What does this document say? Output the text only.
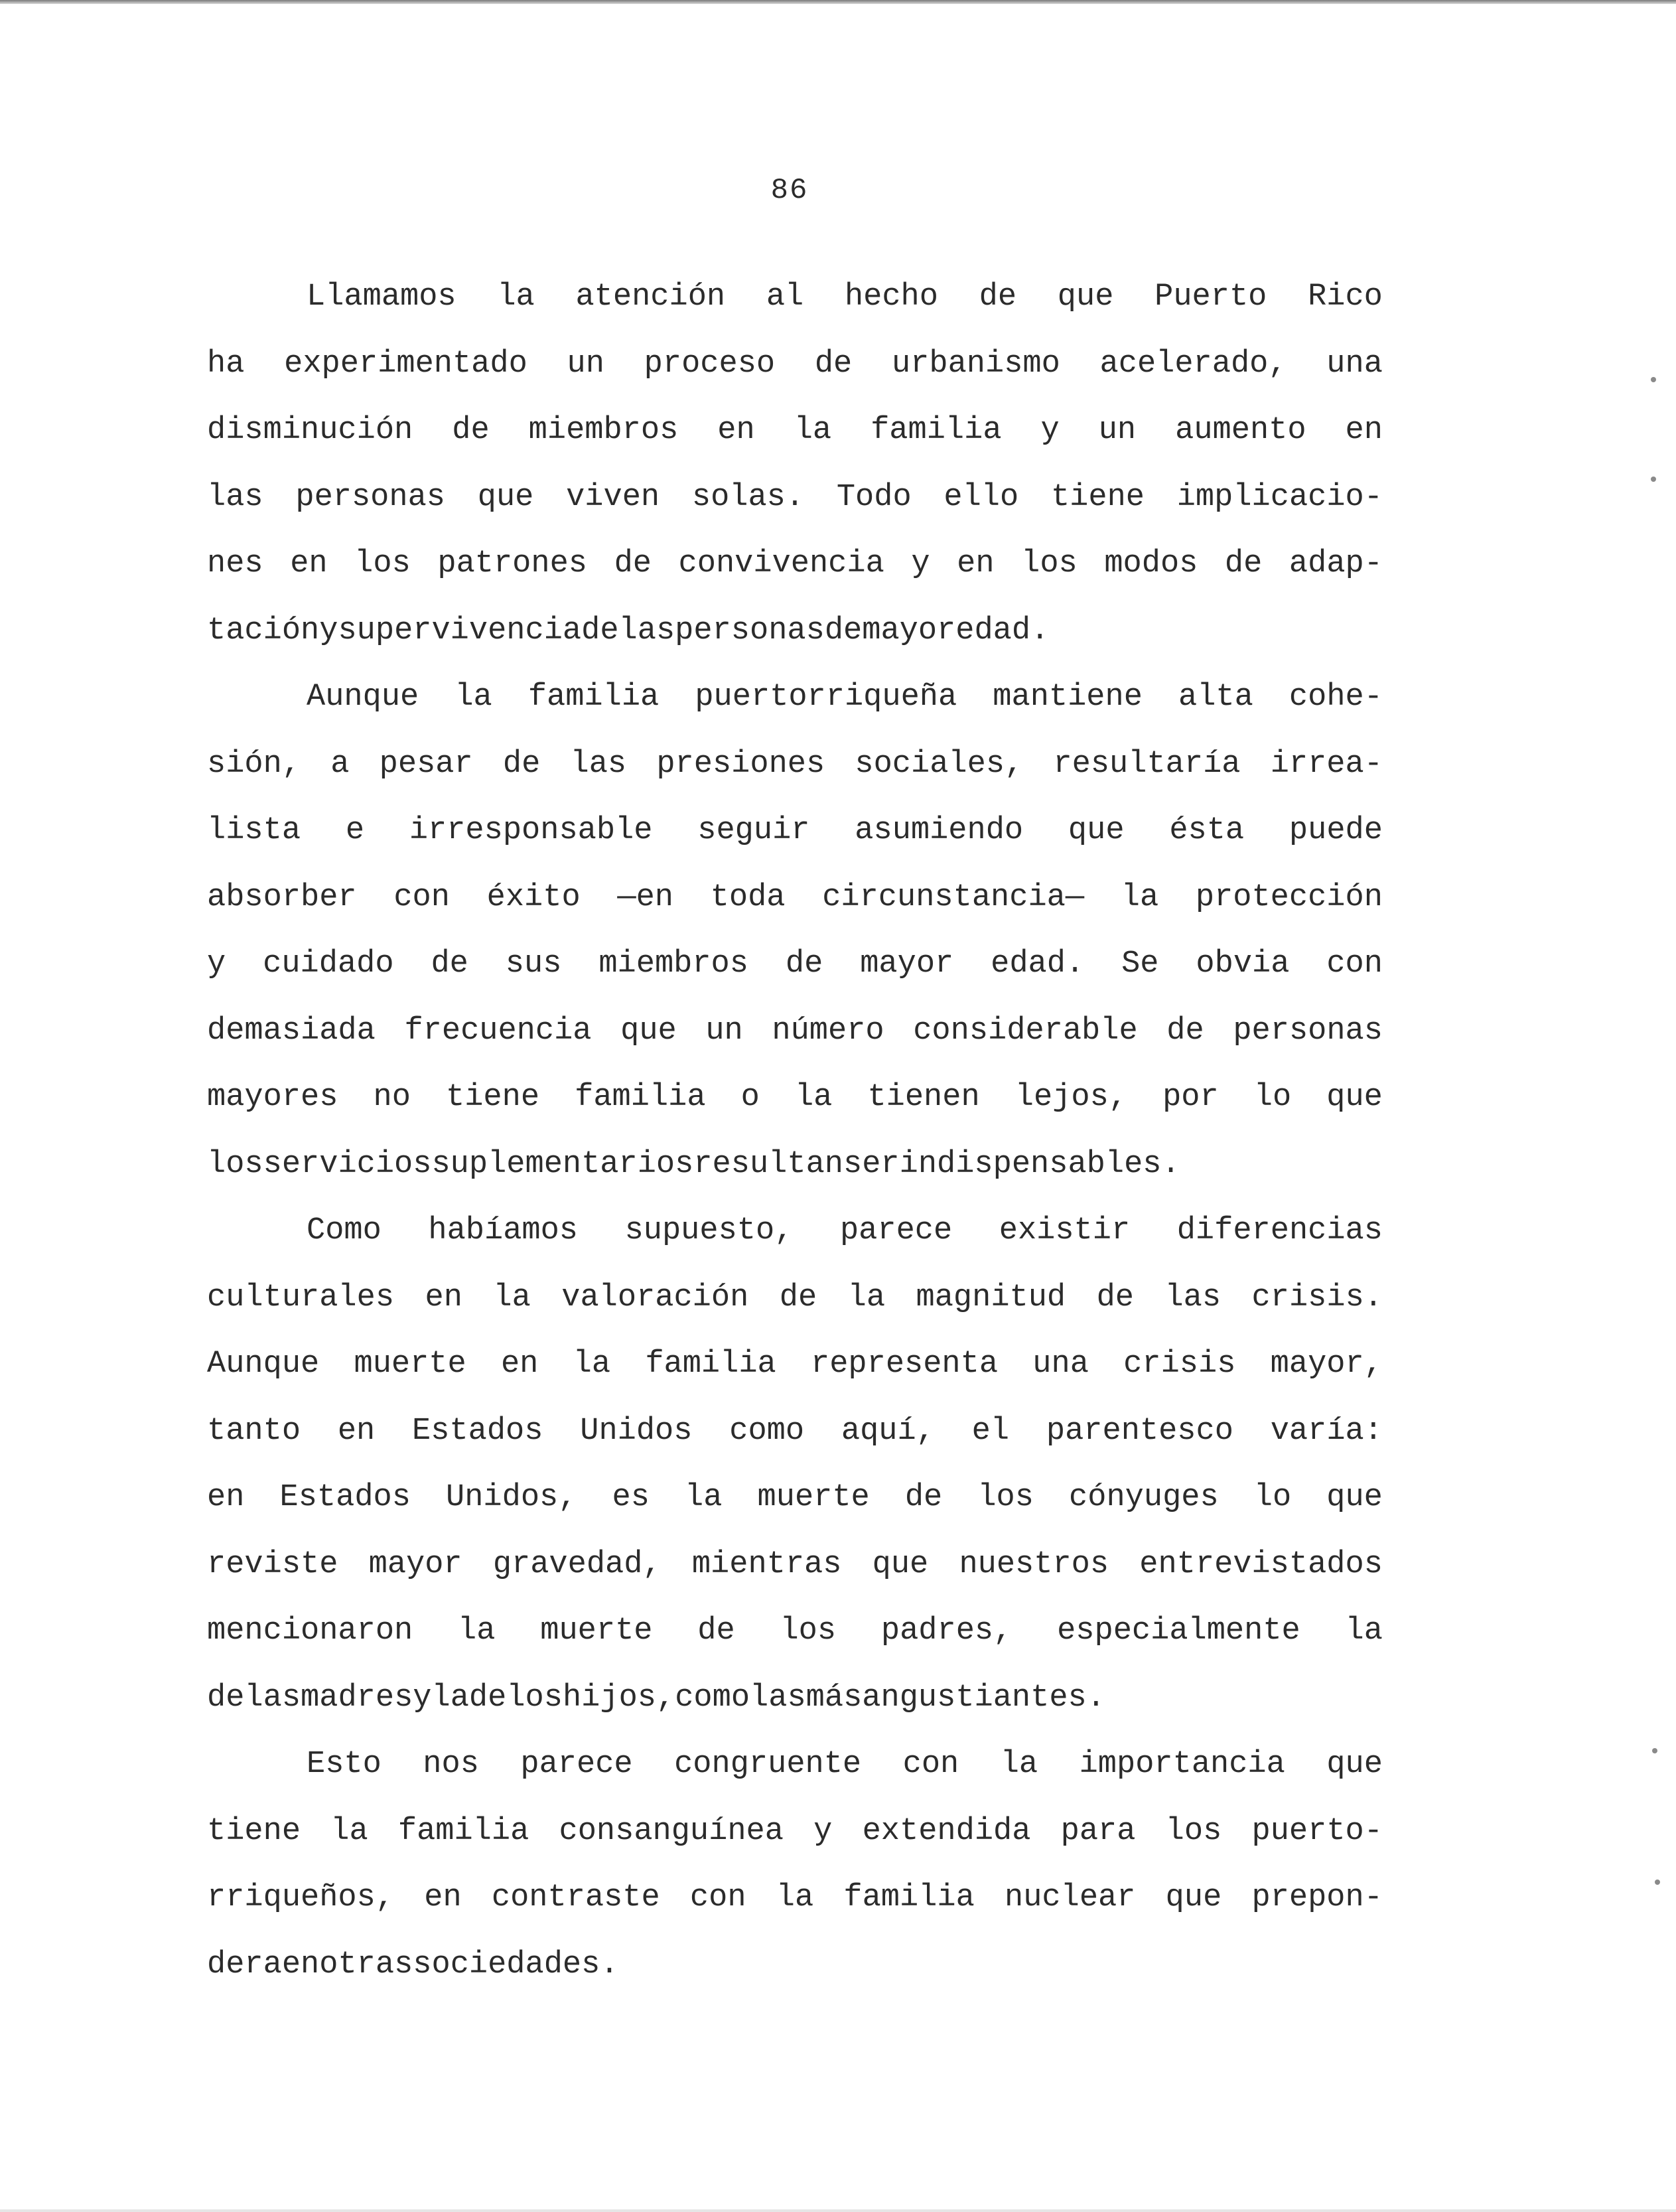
86
Llamamos la atención al hecho de que Puerto Rico
ha experimentado un proceso de urbanismo acelerado, una
disminución de miembros en la familia y un aumento en
las personas que viven solas. Todo ello tiene implicacio-
nes en los patrones de convivencia y en los modos de adap-
tación y supervivencia de las personas de mayor edad.
Aunque la familia puertorriqueña mantiene alta cohe-
sión, a pesar de las presiones sociales, resultaría irrea-
lista e irresponsable seguir asumiendo que ésta puede
absorber con éxito —en toda circunstancia— la protección
y cuidado de sus miembros de mayor edad. Se obvia con
demasiada frecuencia que un número considerable de personas
mayores no tiene familia o la tienen lejos, por lo que
los servicios suplementarios resultan ser indispensables.
Como habíamos supuesto, parece existir diferencias
culturales en la valoración de la magnitud de las crisis.
Aunque muerte en la familia representa una crisis mayor,
tanto en Estados Unidos como aquí, el parentesco varía:
en Estados Unidos, es la muerte de los cónyuges lo que
reviste mayor gravedad, mientras que nuestros entrevistados
mencionaron la muerte de los padres, especialmente la
de las madres y la de los hijos, como las más angustiantes.
Esto nos parece congruente con la importancia que
tiene la familia consanguínea y extendida para los puerto-
rriqueños, en contraste con la familia nuclear que prepon-
dera en otras sociedades.
